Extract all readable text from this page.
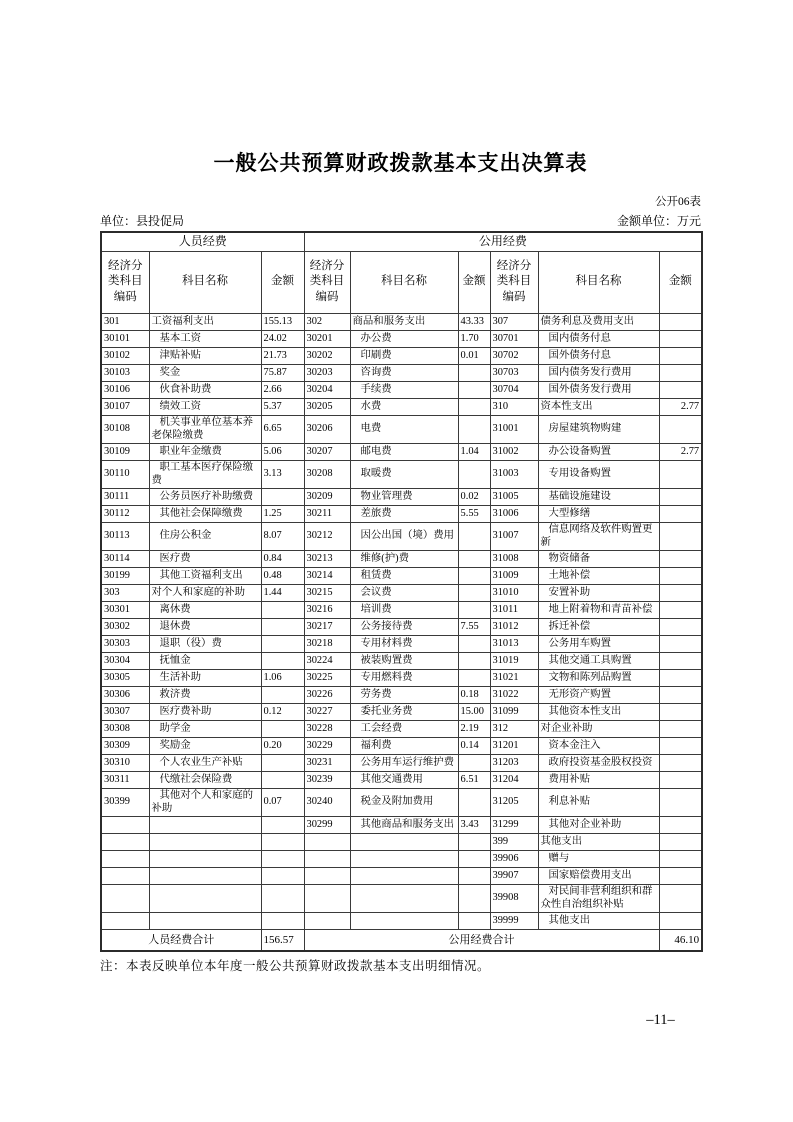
一般公共预算财政拨款基本支出决算表
公开06表
单位：县投促局	金额单位：万元
人员经费			公用经费					
经济分类科目编码	科目名称	金额	经济分类科目编码	科目名称	金额	经济分类科目编码	科目名称	金额
301	工资福利支出	155.13	302	商品和服务支出	43.33	307	债务利息及费用支出	
30101	基本工资	24.02	30201	办公费	1.70	30701	国内债务付息	
30102	津贴补贴	21.73	30202	印刷费	0.01	30702	国外债务付息	
30103	奖金	75.87	30203	咨询费		30703	国内债务发行费用	
30106	伙食补助费	2.66	30204	手续费		30704	国外债务发行费用	
30107	绩效工资	5.37	30205	水费		310	资本性支出	2.77
30108	机关事业单位基本养老保险缴费	6.65	30206	电费		31001	房屋建筑物购建	
30109	职业年金缴费	5.06	30207	邮电费	1.04	31002	办公设备购置	2.77
30110	职工基本医疗保险缴费	3.13	30208	取暖费		31003	专用设备购置	
30111	公务员医疗补助缴费		30209	物业管理费	0.02	31005	基础设施建设	
30112	其他社会保障缴费	1.25	30211	差旅费	5.55	31006	大型修缮	
30113	住房公积金	8.07	30212	因公出国（境）费用		31007	信息网络及软件购置更新	
30114	医疗费	0.84	30213	维修(护)费		31008	物资储备	
30199	其他工资福利支出	0.48	30214	租赁费		31009	土地补偿	
303	对个人和家庭的补助	1.44	30215	会议费		31010	安置补助	
30301	离休费		30216	培训费		31011	地上附着物和青苗补偿	
30302	退休费		30217	公务接待费	7.55	31012	拆迁补偿	
30303	退职（役）费		30218	专用材料费		31013	公务用车购置	
30304	抚恤金		30224	被装购置费		31019	其他交通工具购置	
30305	生活补助	1.06	30225	专用燃料费		31021	文物和陈列品购置	
30306	救济费		30226	劳务费	0.18	31022	无形资产购置	
30307	医疗费补助	0.12	30227	委托业务费	15.00	31099	其他资本性支出	
30308	助学金		30228	工会经费	2.19	312	对企业补助	
30309	奖励金	0.20	30229	福利费	0.14	31201	资本金注入	
30310	个人农业生产补贴		30231	公务用车运行维护费		31203	政府投资基金股权投资	
30311	代缴社会保险费		30239	其他交通费用	6.51	31204	费用补贴	
30399	其他对个人和家庭的补助	0.07	30240	税金及附加费用		31205	利息补贴	
			30299	其他商品和服务支出	3.43	31299	其他对企业补助	
						399	其他支出	
						39906	赠与	
						39907	国家赔偿费用支出	
						39908	对民间非营利组织和群众性自治组织补贴	
						39999	其他支出	
人员经费合计		156.57	公用经费合计					46.10
注：本表反映单位本年度一般公共预算财政拨款基本支出明细情况。
–11–
